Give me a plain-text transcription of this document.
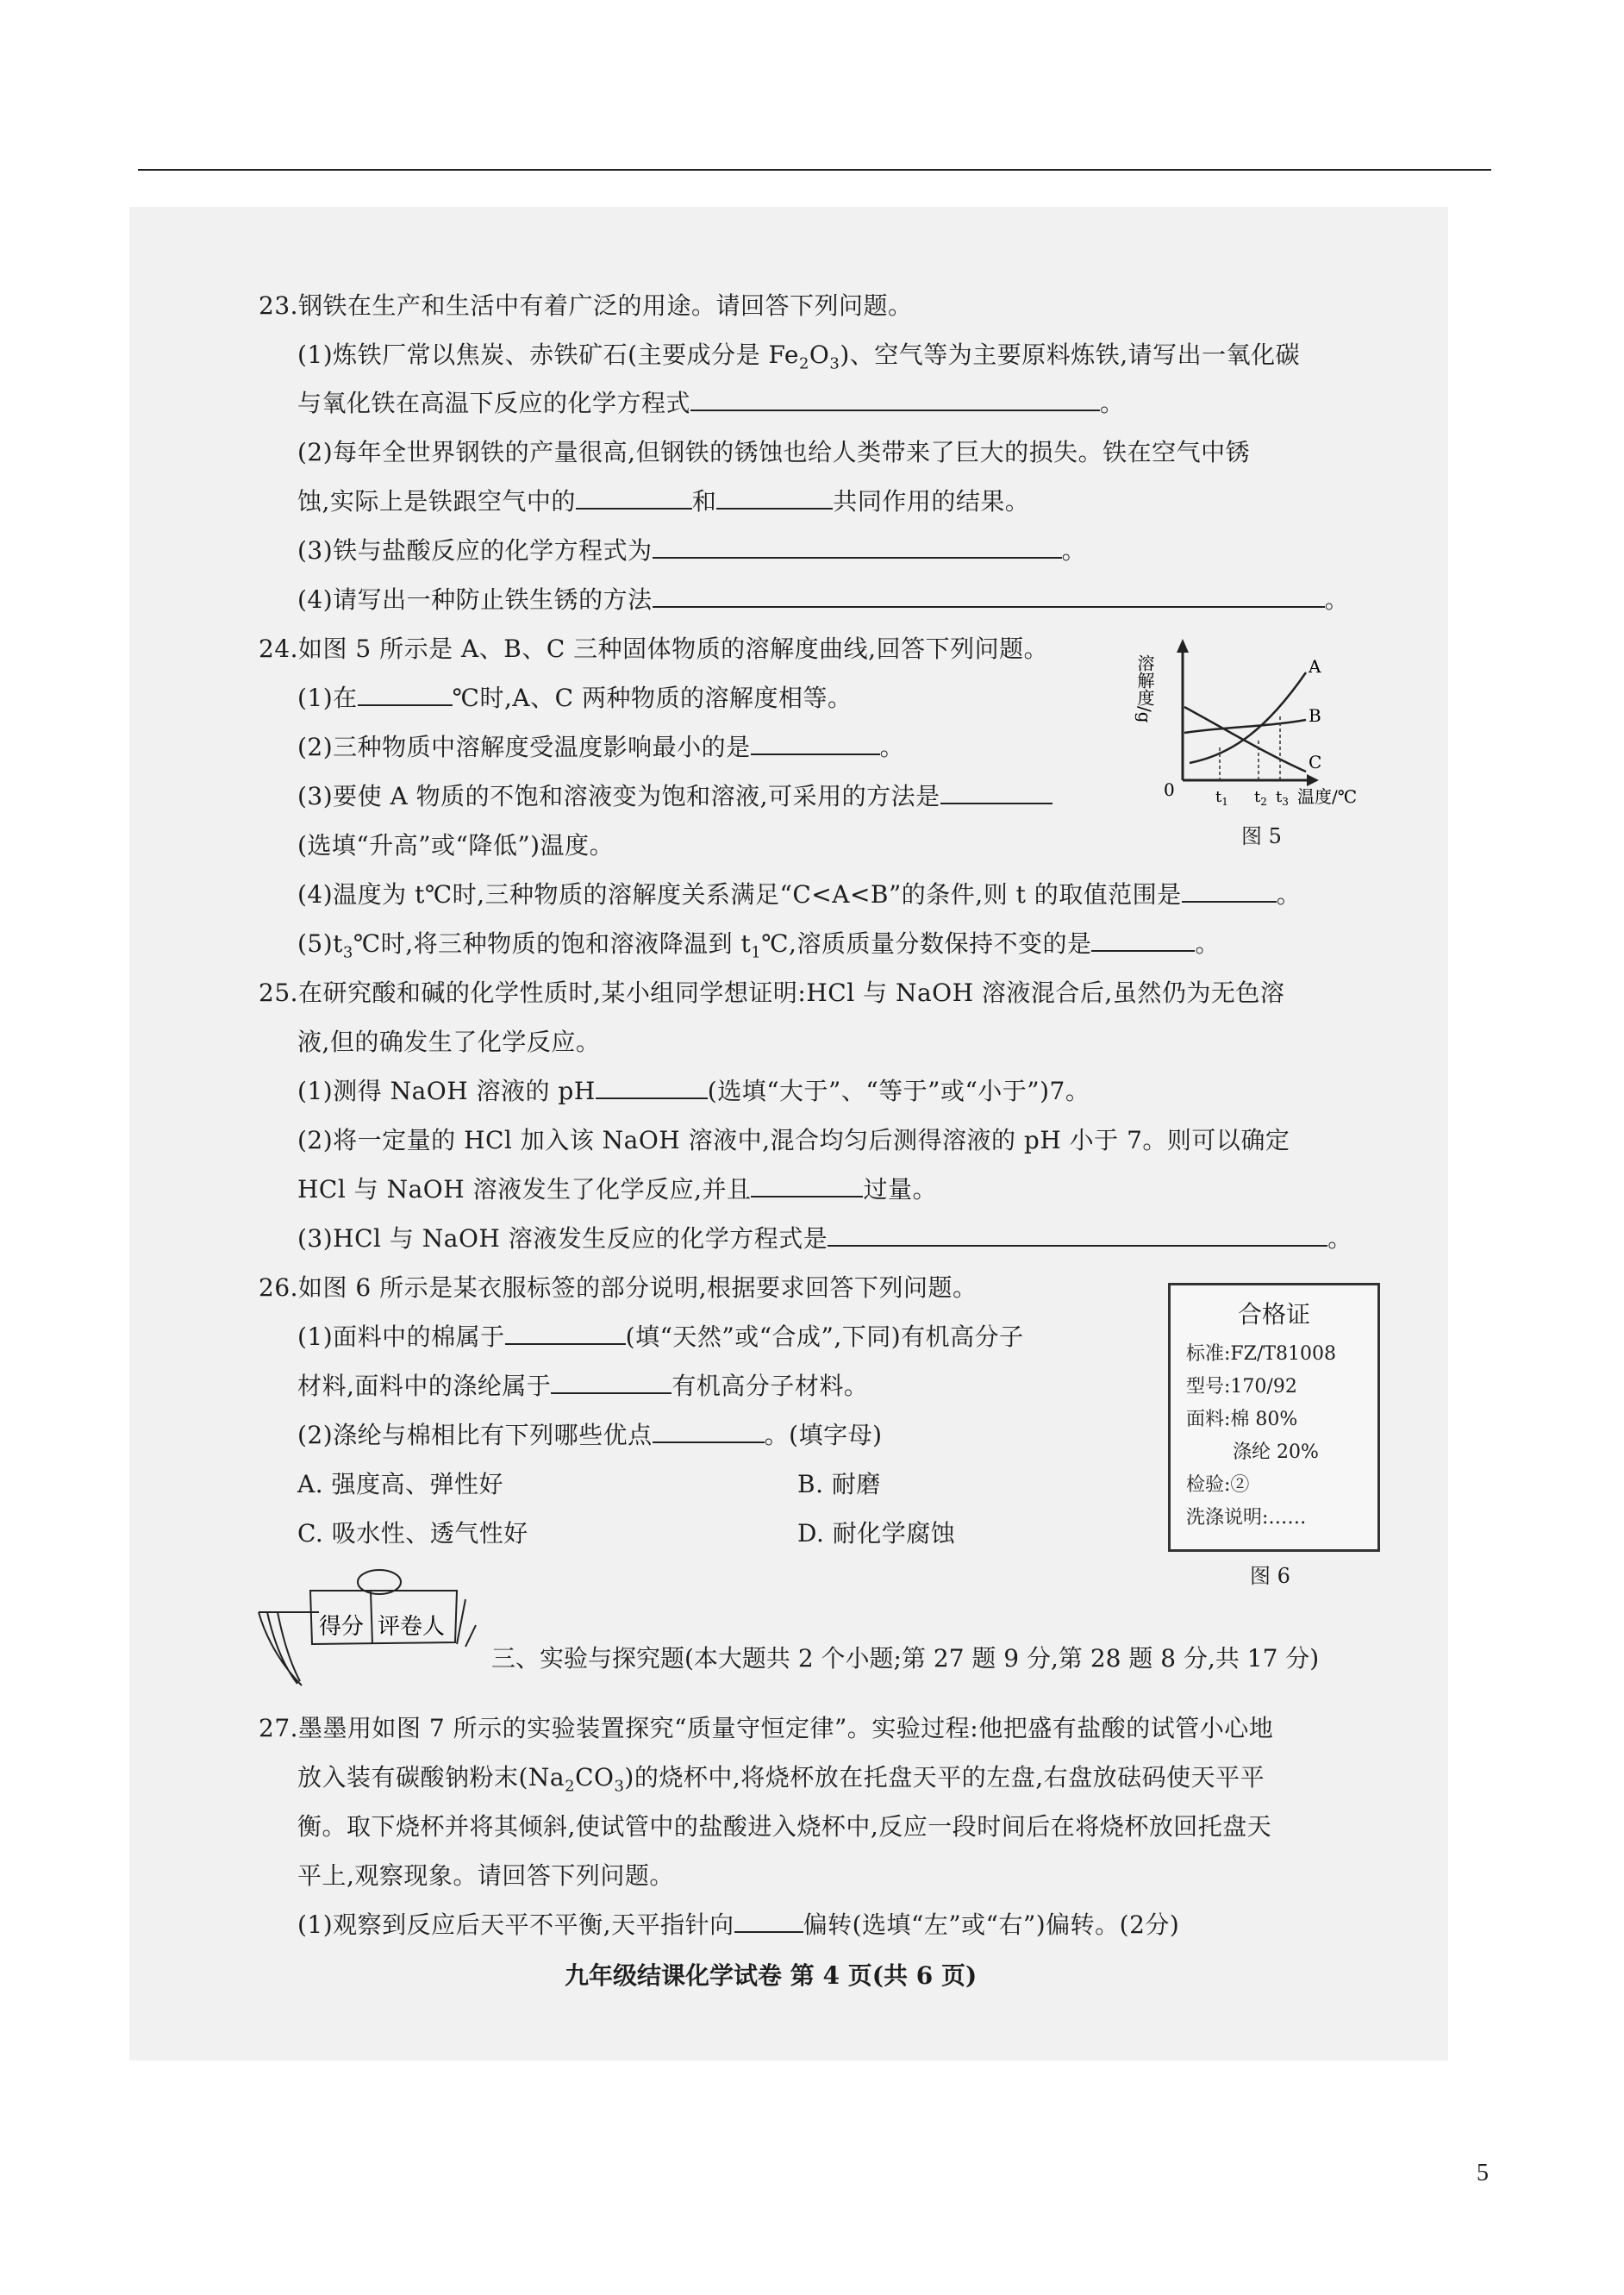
23.钢铁在生产和生活中有着广泛的用途。请回答下列问题。
(1)炼铁厂常以焦炭、赤铁矿石(主要成分是 $Fe_2O_3$)、空气等为主要原料炼铁,请写出一氧化碳
与氧化铁在高温下反应的化学方程式	。
(2)每年全世界钢铁的产量很高,但钢铁的锈蚀也给人类带来了巨大的损失。铁在空气中锈
蚀,实际上是铁跟空气中的	和	共同作用的结果。
(3)铁与盐酸反应的化学方程式为	。
(4)请写出一种防止铁生锈的方法	。
24.如图 5 所示是 A、B、C 三种固体物质的溶解度曲线,回答下列问题。
(1)在	℃时,A、C 两种物质的溶解度相等。
(2)三种物质中溶解度受温度影响最小的是	。
(3)要使 A 物质的不饱和溶液变为饱和溶液,可采用的方法是
(选填“升高”或“降低”)温度。
(4)温度为 t℃时,三种物质的溶解度关系满足“C<A<B”的条件,则 t 的取值范围是	。
$(5)t_3℃$时,将三种物质的饱和溶液降温到 $t_1℃$,溶质质量分数保持不变的是	。
溶解度/g	A
B
C
0	$t_1$ $t_2$ $t_3$ 温度/℃
图 5
25.在研究酸和碱的化学性质时,某小组同学想证明:HCl 与 NaOH 溶液混合后,虽然仍为无色溶
液,但的确发生了化学反应。
(1)测得 NaOH 溶液的 pH	(选填“大于”、“等于”或“小于”)7。
(2)将一定量的 HCl 加入该 NaOH 溶液中,混合均匀后测得溶液的 pH 小于 7。则可以确定
HCl 与 NaOH 溶液发生了化学反应,并且	过量。
(3)HCl 与 NaOH 溶液发生反应的化学方程式是	。
26.如图 6 所示是某衣服标签的部分说明,根据要求回答下列问题。
(1)面料中的棉属于	(填“天然”或“合成”,下同)有机高分子
材料,面料中的涤纶属于	有机高分子材料。
(2)涤纶与棉相比有下列哪些优点	。(填字母)
A. 强度高、弹性好	B. 耐磨
C. 吸水性、透气性好	D. 耐化学腐蚀
合格证
标准:FZ/T81008
型号:170/92
面料:棉 80%
涤纶 20%
检验:②
洗涤说明:……
图 6
得分 评卷人
三、实验与探究题(本大题共 2 个小题;第 27 题 9 分,第 28 题 8 分,共 17 分)
27.墨墨用如图 7 所示的实验装置探究“质量守恒定律”。实验过程:他把盛有盐酸的试管小心地
放入装有碳酸钠粉末$(Na_2CO_3)$的烧杯中,将烧杯放在托盘天平的左盘,右盘放砝码使天平平
衡。取下烧杯并将其倾斜,使试管中的盐酸进入烧杯中,反应一段时间后在将烧杯放回托盘天
平上,观察现象。请回答下列问题。
(1)观察到反应后天平不平衡,天平指针向	偏转(选填“左”或“右”)偏转。(2分)
九年级结课化学试卷 第 4 页(共 6 页)
5
